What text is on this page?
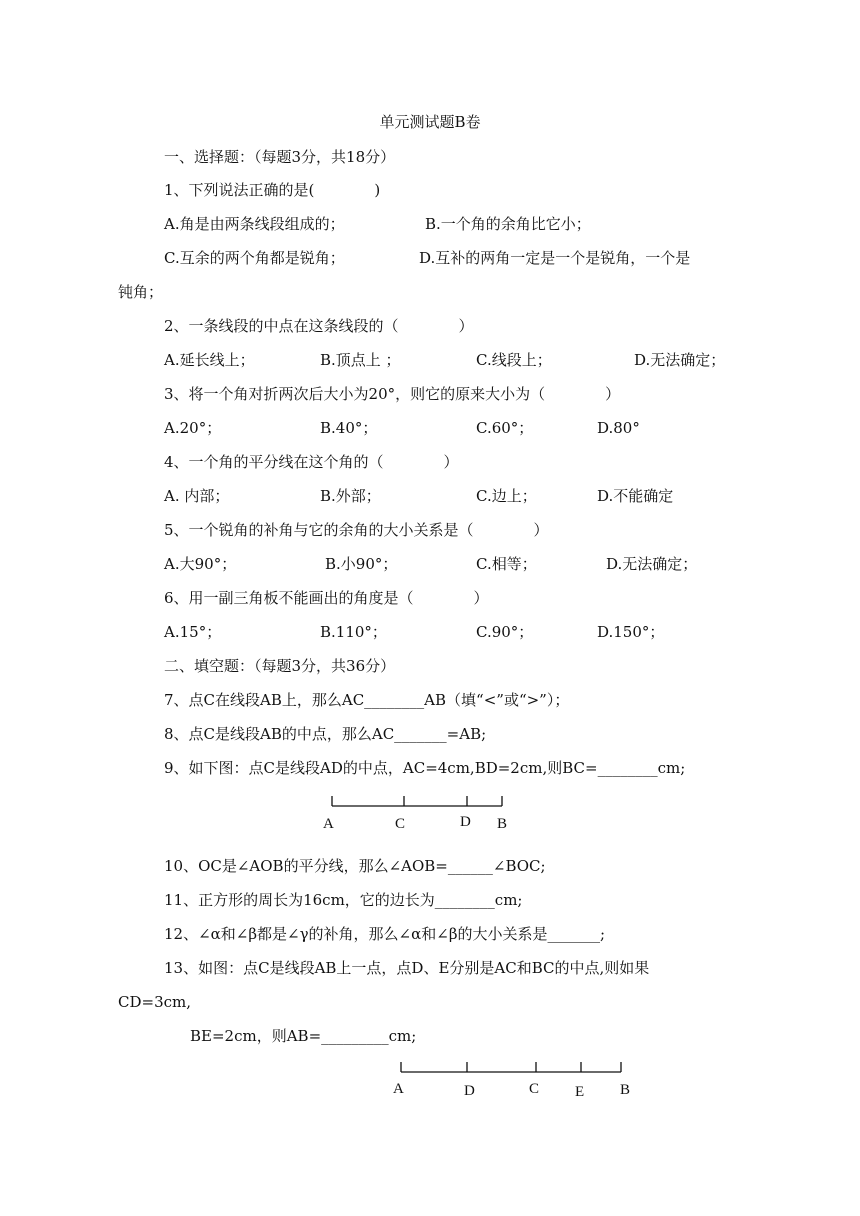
单元测试题B卷
一、选择题：（每题3分，共18分）
1、下列说法正确的是(　　　　)
A.角是由两条线段组成的；	B.一个角的余角比它小；
C.互余的两个角都是锐角；	D.互补的两角一定是一个是锐角，一个是
钝角；
2、一条线段的中点在这条线段的（　　　　）
A.延长线上；	B.顶点上 ；	C.线段上；	D.无法确定；
3、将一个角对折两次后大小为20°，则它的原来大小为（　　　　）
A.20°；	B.40°；	C.60°；	D.80°
4、一个角的平分线在这个角的（　　　　）
A. 内部；	B.外部；	C.边上；	D.不能确定
5、一个锐角的补角与它的余角的大小关系是（　　　　）
A.大90°；	B.小90°；	C.相等；	D.无法确定；
6、用一副三角板不能画出的角度是（　　　　）
A.15°；	B.110°；	C.90°；	D.150°；
二、填空题：（每题3分，共36分）
7、点C在线段AB上，那么AC________AB（填“<”或“>”）；
8、点C是线段AB的中点，那么AC_______=AB;
9、如下图：点C是线段AD的中点，AC=4cm,BD=2cm,则BC=________cm;
A	C	D B
10、OC是∠AOB的平分线，那么∠AOB=______∠BOC;
11、正方形的周长为16cm，它的边长为________cm;
12、∠α和∠β都是∠γ的补角，那么∠α和∠β的大小关系是_______;
13、如图：点C是线段AB上一点，点D、E分别是AC和BC的中点,则如果
CD=3cm,
BE=2cm，则AB=_________cm;
A	D	C E B
